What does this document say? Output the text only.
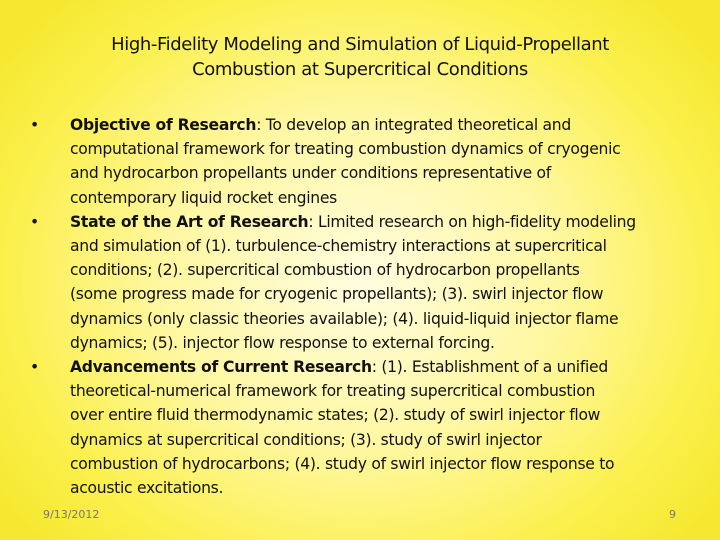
High-Fidelity Modeling and Simulation of Liquid-Propellant
Combustion at Supercritical Conditions
•	Objective of Research: To develop an integrated theoretical and
computational framework for treating combustion dynamics of cryogenic
and hydrocarbon propellants under conditions representative of
contemporary liquid rocket engines
•	State of the Art of Research: Limited research on high-fidelity modeling
and simulation of (1). turbulence-chemistry interactions at supercritical
conditions; (2). supercritical combustion of hydrocarbon propellants
(some progress made for cryogenic propellants); (3). swirl injector flow
dynamics (only classic theories available); (4). liquid-liquid injector flame
dynamics; (5). injector flow response to external forcing.
•	Advancements of Current Research: (1). Establishment of a unified
theoretical-numerical framework for treating supercritical combustion
over entire fluid thermodynamic states; (2). study of swirl injector flow
dynamics at supercritical conditions; (3). study of swirl injector
combustion of hydrocarbons; (4). study of swirl injector flow response to
acoustic excitations.
9/13/2012	9
